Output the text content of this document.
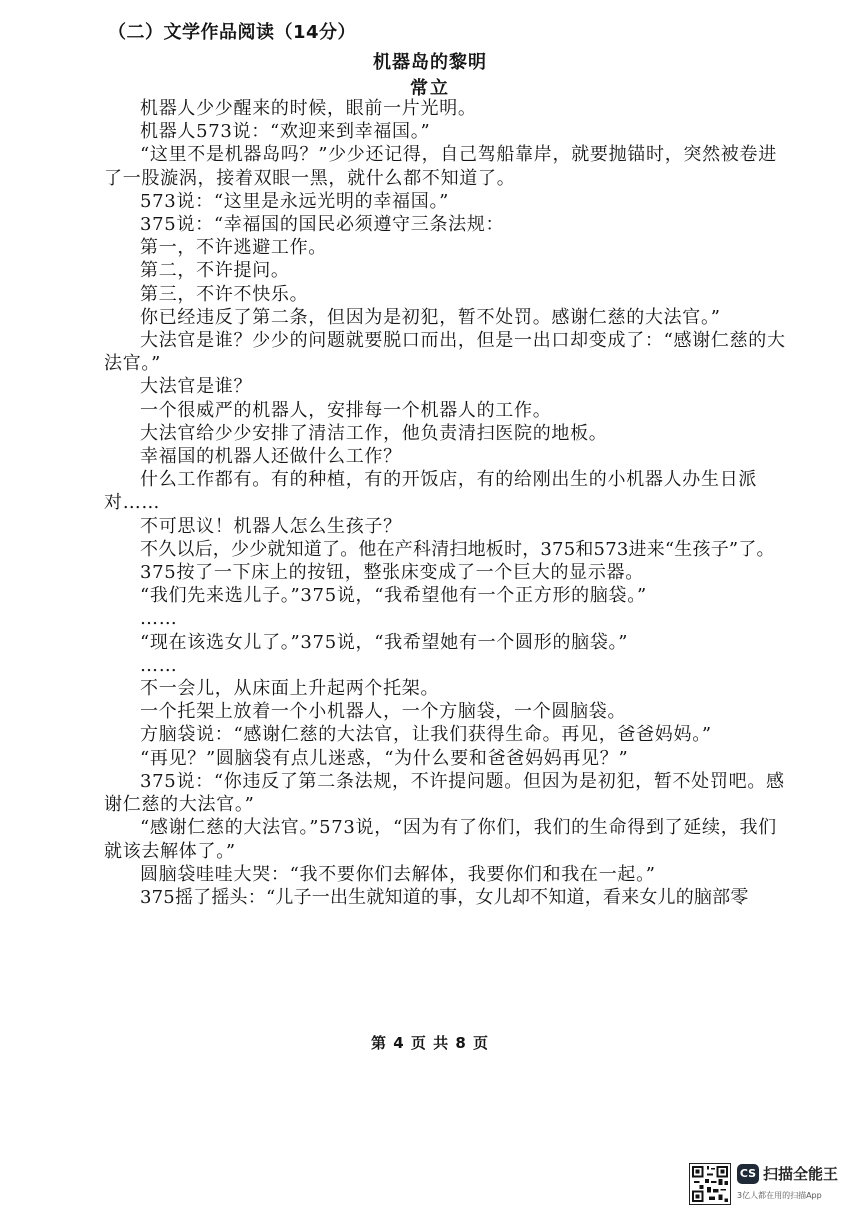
（二）文学作品阅读（14分）
机器岛的黎明
常立

机器人少少醒来的时候，眼前一片光明。

机器人573说：“欢迎来到幸福国。”

“这里不是机器岛吗？”少少还记得，自己驾船靠岸，就要抛锚时，突然被卷进了一股漩涡，接着双眼一黑，就什么都不知道了。

573说：“这里是永远光明的幸福国。”

375说：“幸福国的国民必须遵守三条法规：

第一，不许逃避工作。

第二，不许提问。

第三，不许不快乐。

你已经违反了第二条，但因为是初犯，暂不处罚。感谢仁慈的大法官。”

大法官是谁？少少的问题就要脱口而出，但是一出口却变成了：“感谢仁慈的大法官。”

大法官是谁？

一个很威严的机器人，安排每一个机器人的工作。

大法官给少少安排了清洁工作，他负责清扫医院的地板。

幸福国的机器人还做什么工作？

什么工作都有。有的种植，有的开饭店，有的给刚出生的小机器人办生日派对……

不可思议！机器人怎么生孩子？

不久以后，少少就知道了。他在产科清扫地板时，375和573进来“生孩子”了。

375按了一下床上的按钮，整张床变成了一个巨大的显示器。

“我们先来选儿子。”375说，“我希望他有一个正方形的脑袋。”

……

“现在该选女儿了。”375说，“我希望她有一个圆形的脑袋。”

……

不一会儿，从床面上升起两个托架。

一个托架上放着一个小机器人，一个方脑袋，一个圆脑袋。

方脑袋说：“感谢仁慈的大法官，让我们获得生命。再见，爸爸妈妈。”

“再见？”圆脑袋有点儿迷惑，“为什么要和爸爸妈妈再见？”

375说：“你违反了第二条法规，不许提问题。但因为是初犯，暂不处罚吧。感谢仁慈的大法官。”

“感谢仁慈的大法官。”573说，“因为有了你们，我们的生命得到了延续，我们就该去解体了。”

圆脑袋哇哇大哭：“我不要你们去解体，我要你们和我在一起。”

375摇了摇头：“儿子一出生就知道的事，女儿却不知道，看来女儿的脑部零

第 4 页 共 8 页
CS 扫描全能王
3亿人都在用的扫描App
